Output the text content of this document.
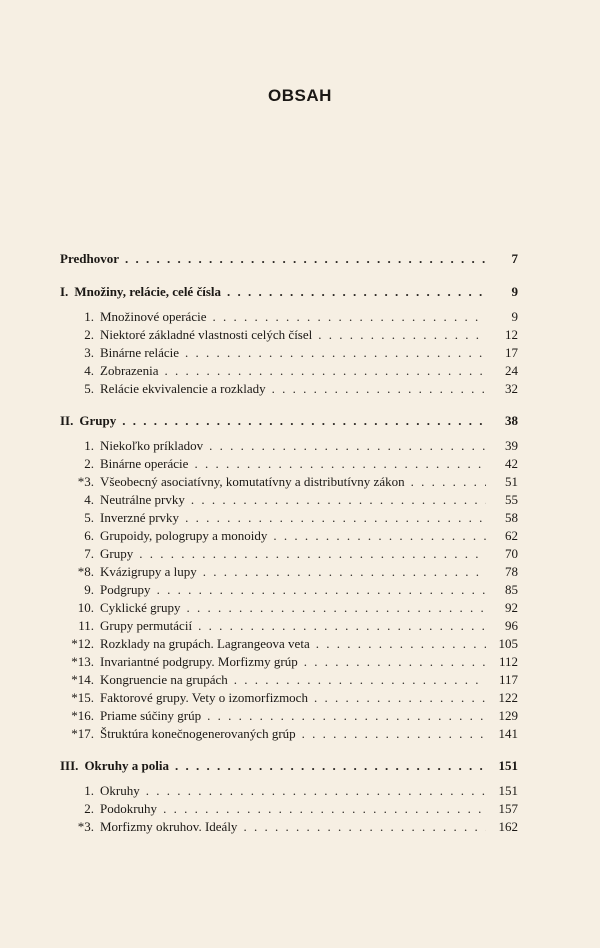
OBSAH
Predhovor . . .	7
I. Množiny, relácie, celé čísla . . .	9
1. Množinové operácie . . .	9
2. Niektoré základné vlastnosti celých čísel . . .	12
3. Binárne relácie . . .	17
4. Zobrazenia . . .	24
5. Relácie ekvivalencie a rozklady . . .	32
II. Grupy . . .	38
1. Niekoľko príkladov . . .	39
2. Binárne operácie . . .	42
*3. Všeobecný asociatívny, komutatívny a distributívny zákon . . .	51
4. Neutrálne prvky . . .	55
5. Inverzné prvky . . .	58
6. Grupoidy, pologrupy a monoidy . . .	62
7. Grupy . . .	70
*8. Kvázigrupy a lupy . . .	78
9. Podgrupy . . .	85
10. Cyklické grupy . . .	92
11. Grupy permutácií . . .	96
*12. Rozklady na grupách. Lagrangeova veta . . .	105
*13. Invariantné podgrupy. Morfizmy grúp . . .	112
*14. Kongruencie na grupách . . .	117
*15. Faktorové grupy. Vety o izomorfizmoch . . .	122
*16. Priame súčiny grúp . . .	129
*17. Štruktúra konečnogenerovaných grúp . . .	141
III. Okruhy a polia . . .	151
1. Okruhy . . .	151
2. Podokruhy . . .	157
*3. Morfizmy okruhov. Ideály . . .	162
